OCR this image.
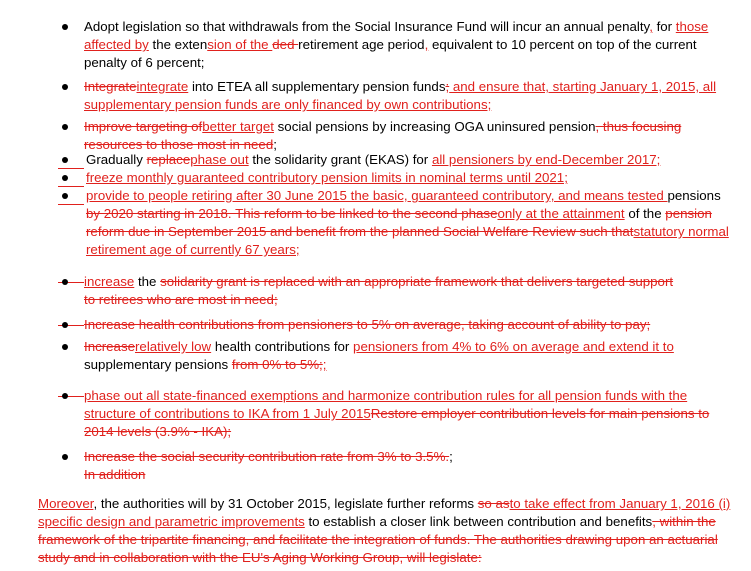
Adopt legislation so that withdrawals from the Social Insurance Fund will incur an annual penalty, for those
affected by the extension of the ded retirement age period, equivalent to 10 percent on top of the current
penalty of 6 percent;
Integrateintegrate into ETEA all supplementary pension funds; and ensure that, starting January 1, 2015, all
supplementary pension funds are only financed by own contributions;
Improve targeting ofbetter target social pensions by increasing OGA uninsured pension, thus focusing
resources to those most in need;
Gradually replacephase out the solidarity grant (EKAS) for all pensioners by end-December 2017;
freeze monthly guaranteed contributory pension limits in nominal terms until 2021;
provide to people retiring after 30 June 2015 the basic, guaranteed contributory, and means tested pensions
by 2020 starting in 2018. This reform to be linked to the second phaseonly at the attainment of the pension
reform due in September 2015 and benefit from the planned Social Welfare Review such thatstatutory normal
retirement age of currently 67 years;
increase the solidarity grant is replaced with an appropriate framework that delivers targeted support
to retirees who are most in need;
Increase health contributions from pensioners to 5% on average, taking account of ability to pay;
Increaserelatively low health contributions for pensioners from 4% to 6% on average and extend it to
supplementary pensions from 0% to 5%;;
phase out all state-financed exemptions and harmonize contribution rules for all pension funds with the
structure of contributions to IKA from 1 July 2015Restore employer contribution levels for main pensions to
2014 levels (3.9% - IKA);
Increase the social security contribution rate from 3% to 3.5%.;
In addition
Moreover, the authorities will by 31 October 2015, legislate further reforms so asto take effect from January 1, 2016 (i)
specific design and parametric improvements to establish a closer link between contribution and benefits, within the
framework of the tripartite financing, and facilitate the integration of funds. The authorities drawing upon an actuarial
study and in collaboration with the EU's Aging Working Group, will legislate:
